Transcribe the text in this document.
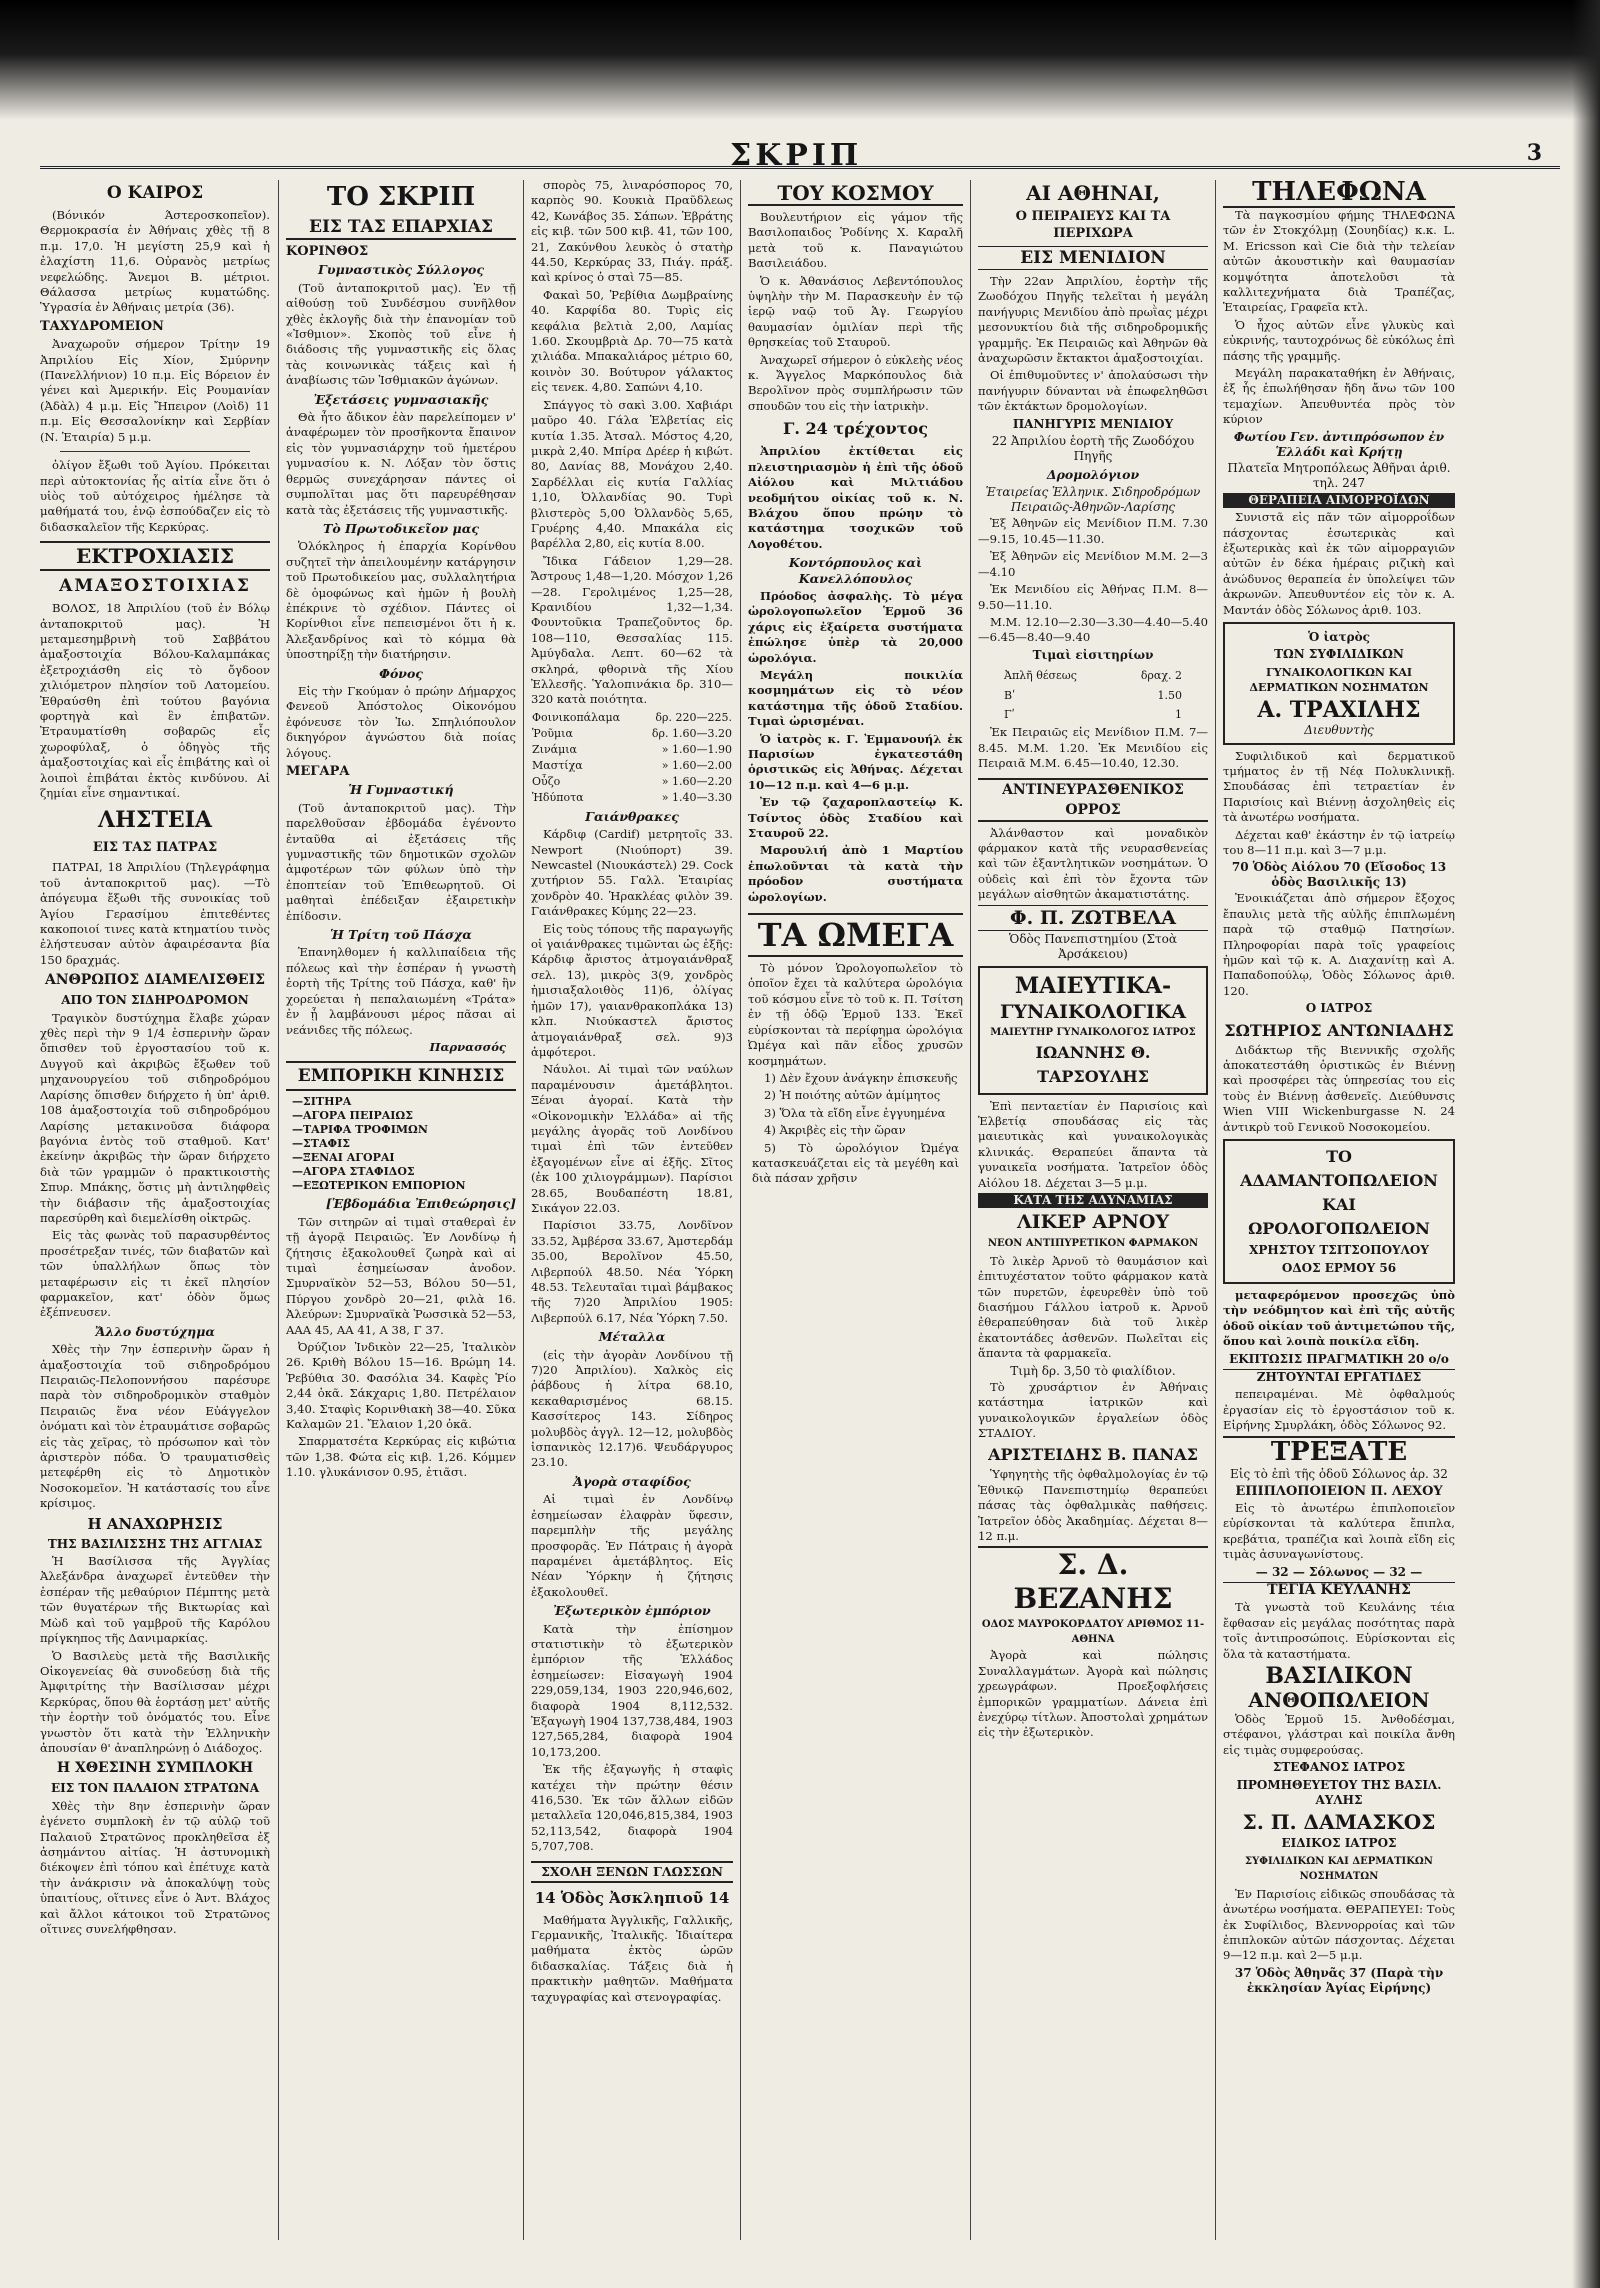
ΣΚΡΙΠ	3
Ο ΚΑΙΡΟΣ

(Βόνικόν Άστεροσκοπεῖον). Θερμοκρασία ἐν Ἀθήναις χθὲς τῇ 8 π.μ. 17,0. Ἡ μεγίστη 25,9 καὶ ἡ ἐλαχίστη 11,6. Οὐρανὸς μετρίως νεφελώδης. Ἄνεμοι Β. μέτριοι. Θάλασσα μετρίως κυματώδης. Ὑγρασία ἐν Ἀθήναις μετρία (36).

ΤΑΧΥΔΡΟΜΕΙΟΝ

Ἀναχωροῦν σήμερον Τρίτην 19 Ἀπριλίου Εἰς Χίον, Σμύρνην (Πανελλήνιον) 10 π.μ. Εἰς Βόρειον ἐν γένει καὶ Ἀμερικήν. Εἰς Ρουμανίαν (Ἀδὰλ) 4 μ.μ. Εἰς Ἤπειρον (Λοὶδ) 11 π.μ. Εἰς Θεσσαλονίκην καὶ Σερβίαν (Ν. Ἑταιρία) 5 μ.μ.

ὀλίγον ἔξωθι τοῦ Ἀγίου. Πρόκειται περὶ αὐτοκτονίας ἧς αἰτία εἶνε ὅτι ὁ υἱὸς τοῦ αὐτόχειρος ἠμέλησε τὰ μαθήματά του, ἐνῷ ἐσπούδαζεν εἰς τὸ διδασκαλεῖον τῆς Κερκύρας.

ΕΚΤΡΟΧΙΑΣΙΣ
ΑΜΑΞΟΣΤΟΙΧΙΑΣ

ΒΟΛΟΣ, 18 Ἀπριλίου (τοῦ ἐν Βόλῳ ἀνταποκριτοῦ μας). Ἡ μεταμεσημβρινὴ τοῦ Σαββάτου ἀμαξοστοιχία Βόλου-Καλαμπάκας ἐξετροχιάσθη εἰς τὸ ὄγδοον χιλιόμετρον πλησίον τοῦ Λατομείου. Ἐθραύσθη ἐπὶ τούτου βαγόνια φορτηγὰ καὶ ἓν ἐπιβατῶν. Ἐτραυματίσθη σοβαρῶς εἷς χωροφύλαξ, ὁ ὁδηγὸς τῆς ἀμαξοστοιχίας καὶ εἷς ἐπιβάτης καὶ οἱ λοιποὶ ἐπιβάται ἐκτὸς κινδύνου. Αἱ ζημίαι εἶνε σημαντικαί.

ΛΗΣΤΕΙΑ
ΕΙΣ ΤΑΣ ΠΑΤΡΑΣ

ΠΑΤΡΑΙ, 18 Ἀπριλίου (Τηλεγράφημα τοῦ ἀνταποκριτοῦ μας). —Τὸ ἀπόγευμα ἔξωθι τῆς συνοικίας τοῦ Ἁγίου Γερασίμου ἐπιτεθέντες κακοποιοί τινες κατὰ κτηματίου τινὸς ἐλήστευσαν αὐτὸν ἀφαιρέσαντα βία 150 δραχμάς.

ΑΝΘΡΩΠΟΣ ΔΙΑΜΕΛΙΣΘΕΙΣ
ΑΠΟ ΤΟΝ ΣΙΔΗΡΟΔΡΟΜΟΝ

Τραγικὸν δυστύχημα ἔλαβε χώραν χθὲς περὶ τὴν 9 1/4 ἑσπερινὴν ὥραν ὄπισθεν τοῦ ἐργοστασίου τοῦ κ. Δυγγοῦ καὶ ἀκριβῶς ἔξωθεν τοῦ μηχανουργείου τοῦ σιδηροδρόμου Λαρίσης ὅπισθεν διήρχετο ἡ ὑπ' ἀριθ. 108 ἁμαξοστοιχία τοῦ σιδηροδρόμου Λαρίσης μετακινοῦσα διάφορα βαγόνια ἐντὸς τοῦ σταθμοῦ. Κατ' ἐκείνην ἀκριβῶς τὴν ὥραν διήρχετο διὰ τῶν γραμμῶν ὁ πρακτικοιστὴς Σπυρ. Μπάκης, ὅστις μὴ ἀντιληφθεὶς τὴν διάβασιν τῆς ἁμαξοστοιχίας παρεσύρθη καὶ διεμελίσθη οἰκτρῶς.

Εἰς τὰς φωνὰς τοῦ παρασυρθέντος προσέτρεξαν τινές, τῶν διαβατῶν καὶ τῶν ὑπαλλήλων ὅπως τὸν μεταφέρωσιν εἰς τι ἐκεῖ πλησίον φαρμακεῖον, κατ' ὁδὸν ὅμως ἐξέπνευσεν.

Ἄλλο δυστύχημα

Χθὲς τὴν 7ην ἑσπερινὴν ὥραν ἡ ἁμαξοστοιχία τοῦ σιδηροδρόμου Πειραιῶς-Πελοποννήσου παρέσυρε παρὰ τὸν σιδηροδρομικὸν σταθμὸν Πειραιῶς ἕνα νέον Εὐάγγελον ὀνόματι καὶ τὸν ἐτραυμάτισε σοβαρῶς εἰς τὰς χεῖρας, τὸ πρόσωπον καὶ τὸν ἀριστερὸν πόδα. Ὁ τραυματισθεὶς μετεφέρθη εἰς τὸ Δημοτικὸν Νοσοκομεῖον. Ἡ κατάστασίς του εἶνε κρίσιμος.

Η ΑΝΑΧΩΡΗΣΙΣ
ΤΗΣ ΒΑΣΙΛΙΣΣΗΣ ΤΗΣ ΑΓΓΛΙΑΣ

Ἡ Βασίλισσα τῆς Ἀγγλίας Ἀλεξάνδρα ἀναχωρεῖ ἐντεῦθεν τὴν ἑσπέραν τῆς μεθαύριον Πέμπτης μετὰ τῶν θυγατέρων τῆς Βικτωρίας καὶ Μὼδ καὶ τοῦ γαμβροῦ τῆς Καρόλου πρίγκηπος τῆς Δανιμαρκίας.

Ὁ Βασιλεὺς μετὰ τῆς Βασιλικῆς Οἰκογενείας θὰ συνοδεύσῃ διὰ τῆς Ἀμφιτρίτης τὴν Βασίλισσαν μέχρι Κερκύρας, ὅπου θὰ ἑορτάσῃ μετ' αὐτῆς τὴν ἑορτὴν τοῦ ὀνόματός του. Εἶνε γνωστὸν ὅτι κατὰ τὴν Ἑλληνικὴν ἀπουσίαν θ' ἀναπληρώνῃ ὁ Διάδοχος.

Η ΧΘΕΣΙΝΗ ΣΥΜΠΛΟΚΗ
ΕΙΣ ΤΟΝ ΠΑΛΑΙΟΝ ΣΤΡΑΤΩΝΑ

Χθὲς τὴν 8ην ἑσπερινὴν ὥραν ἐγένετο συμπλοκὴ ἐν τῷ αὐλῷ τοῦ Παλαιοῦ Στρατῶνος προκληθεῖσα ἐξ ἀσημάντου αἰτίας. Ἡ ἀστυνομικὴ διέκοψεν ἐπὶ τόπου καὶ ἐπέτυχε κατὰ τὴν ἀνάκρισιν νὰ ἀποκαλύψῃ τοὺς ὑπαιτίους, οἵτινες εἶνε ὁ Ἀντ. Βλάχος καὶ ἄλλοι κάτοικοι τοῦ Στρατῶνος οἵτινες συνελήφθησαν.

ΤΟ ΣΚΡΙΠ
ΕΙΣ ΤΑΣ ΕΠΑΡΧΙΑΣ
ΚΟΡΙΝΘΟΣ
Γυμναστικὸς Σύλλογος

(Τοῦ ἀνταποκριτοῦ μας). Ἐν τῇ αἰθούσῃ τοῦ Συνδέσμου συνῆλθον χθὲς ἐκλογῆς διὰ τὴν ἐπανομίαν τοῦ «Ἰσθμιον». Σκοπὸς τοῦ εἶνε ἡ διάδοσις τῆς γυμναστικῆς εἰς ὅλας τὰς κοινωνικὰς τάξεις καὶ ἡ ἀναβίωσις τῶν Ἰσθμιακῶν ἀγώνων.

Ἐξετάσεις γυμνασιακῆς

Θὰ ἦτο ἄδικον ἐὰν παρελείπομεν ν' ἀναφέρωμεν τὸν προσῆκοντα ἔπαινον εἰς τὸν γυμνασιάρχην τοῦ ἡμετέρου γυμνασίου κ. Ν. Λόξαν τὸν ὅστις θερμῶς συνεχάρησαν πάντες οἱ συμπολῖται μας ὅτι παρευρέθησαν κατὰ τὰς ἐξετάσεις τῆς γυμναστικῆς.

Τὸ Πρωτοδικεῖον μας

Ὁλόκληρος ἡ ἐπαρχία Κορίνθου συζητεῖ τὴν ἀπειλουμένην κατάργησιν τοῦ Πρωτοδικείου μας, συλλαλητήρια δὲ ὁμοφώνως καὶ ἡμῶν ἡ βουλὴ ἐπέκρινε τὸ σχέδιον. Πάντες οἱ Κορίνθιοι εἶνε πεπεισμένοι ὅτι ἡ κ. Ἀλεξανδρίνος καὶ τὸ κόμμα θὰ ὑποστηρίξῃ τὴν διατήρησιν.

Φόνος

Εἰς τὴν Γκούμαν ὁ πρώην Δήμαρχος Φενεοῦ Ἀπόστολος Οἰκονόμου ἐφόνευσε τὸν Ἰω. Σπηλιόπουλον δικηγόρον ἀγνώστου διὰ ποίας λόγους.

ΜΕΓΑΡΑ
Ἡ Γυμναστική

(Τοῦ ἀνταποκριτοῦ μας). Τὴν παρελθοῦσαν ἑβδομάδα ἐγένοντο ἐνταῦθα αἱ ἐξετάσεις τῆς γυμναστικῆς τῶν δημοτικῶν σχολῶν ἀμφοτέρων τῶν φύλων ὑπὸ τὴν ἐποπτείαν τοῦ Ἐπιθεωρητοῦ. Οἱ μαθηταὶ ἐπέδειξαν ἐξαιρετικὴν ἐπίδοσιν.

Ἡ Τρίτη τοῦ Πάσχα

Ἐπανηλθομεν ἡ καλλιπαίδεια τῆς πόλεως καὶ τὴν ἑσπέραν ἡ γνωστὴ ἑορτὴ τῆς Τρίτης τοῦ Πάσχα, καθ' ἣν χορεύεται ἡ πεπαλαιωμένη «Τράτα» ἐν ᾗ λαμβάνουσι μέρος πᾶσαι αἱ νεάνιδες τῆς πόλεως.

Παρνασσός
ΕΜΠΟΡΙΚΗ ΚΙΝΗΣΙΣ
—ΣΙΤΗΡΑ
—ΑΓΟΡΑ ΠΕΙΡΑΙΩΣ
—ΤΑΡΙΦΑ ΤΡΟΦΙΜΩΝ
—ΣΤΑΦΙΣ
—ΞΕΝΑΙ ΑΓΟΡΑΙ
—ΑΓΟΡΑ ΣΤΑΦΙΔΟΣ
—ΕΞΩΤΕΡΙΚΟΝ ΕΜΠΟΡΙΟΝ
[Ἑβδομάδια Ἐπιθεώρησις]

Τῶν σιτηρῶν αἱ τιμαὶ σταθεραὶ ἐν τῇ ἀγορᾷ Πειραιῶς. Ἐν Λονδίνῳ ἡ ζήτησις ἐξακολουθεῖ ζωηρὰ καὶ αἱ τιμαὶ ἐσημείωσαν ἀνοδον. Σμυρναϊκὸν 52—53, Βόλου 50—51, Πύργου χονδρὸ 20—21, φιλὰ 16. Ἀλεύρων: Σμυρναϊκὰ Ῥωσσικὰ 52—53, ΑΑΑ 45, ΑΑ 41, Α 38, Γ 37.

Ὀρύζιον Ἰνδικὸν 22—25, Ἰταλικὸν 26. Κριθὴ Βόλου 15—16. Βρώμη 14. Ῥεβύθια 30. Φασόλια 34. Καφὲς Ῥίο 2,44 ὀκᾶ. Σάκχαρις 1,80. Πετρέλαιον 3,40. Σταφὶς Κορινθιακὴ 38—40. Σῦκα Καλαμῶν 21. Ἔλαιον 1,20 ὀκᾶ.

Σπαρματσέτα Κερκύρας εἰς κιβώτια τῶν 1,38. Φώτα εἰς κιβ. 1,26. Κόμμεν 1.10. γλυκάνισον 0.95, ἐτιᾶσι.

σπορὸς 75, λιναρόσπορος 70, καρπὸς 90. Κουκιὰ Πραῦδλεως 42, Κωνάβος 35. Σάπων. Ἐβράτης εἰς κιβ. τῶν 500 κιβ. 41, τῶν 100, 21, Ζακύνθου λευκὸς ὁ στατὴρ 44.50, Κερκύρας 33, Πιάγ. πράξ. καὶ κρίνος ὁ σταὶ 75—85.

Φακαὶ 50, Ῥεβίθια Δωμβραίνης 40. Καρφίδα 80. Τυρὶς εἰς κεφάλια βελτιὰ 2,00, Λαμίας 1.60. Σκουμβριὰ Δρ. 70—75 κατὰ χιλιάδα. Μπακαλιάρος μέτριο 60, κοινὸν 30. Βούτυρον γάλακτος εἰς τενεκ. 4,80. Σαπώνι 4,10.

Σπάγγος τὸ σακὶ 3.00. Χαβιάρι μαῦρο 40. Γάλα Ἑλβετίας εἰς κυτία 1.35. Ἀτσαλ. Μόστος 4,20, μικρὰ 2,40. Μπίρα Δρέερ ἡ κιβώτ. 80, Δανίας 88, Μονάχου 2,40. Σαρδέλλαι εἰς κυτία Γαλλίας 1,10, Ὀλλανδίας 90. Τυρὶ βλιστερὸς 5,00 Ὀλλανδὸς 5,65, Γρυέρης 4,40. Μπακάλα εἰς βαρέλλα 2,80, εἰς κυτία 8.00.

Ἴδικα Γάδειον 1,29—28. Ἄστρους 1,48—1,20. Μόσχον 1,26—28. Γερολιμένος 1,25—28, Κρανιδίου 1,32—1,34. Φουντοῦκια Τραπεζοῦντος δρ. 108—110, Θεσσαλίας 115. Ἀμύγδαλα. Λεπτ. 60—62 τὰ σκληρά, φθορινὰ τῆς Χίου Ἐλλεσῆς. Ὑαλοπινάκια δρ. 310—320 κατὰ ποιότητα.

Φοινικοπάλαμα	δρ. 220—225.
Ῥοῦμια	δρ. 1.60—3.20
Ζινάμια	» 1.60—1.90
Μαστίχα	» 1.60—2.00
Οὖζο	» 1.60—2.20
Ἡδύποτα	» 1.40—3.30
Γαιάνθρακες

Κάρδιφ (Cardif) μετρητοῖς 33. Newport (Νιούπορτ) 39. Newcastel (Νιουκάστελ) 29. Cock χυτήριον 55. Γαλλ. Ἑταιρίας χονδρὸν 40. Ἡρακλέας φιλὸν 39. Γαιάνθρακες Κύμης 22—23.

Εἰς τοὺς τόπους τῆς παραγωγῆς οἱ γαιάνθρακες τιμῶνται ὡς ἑξῆς: Κάρδιφ ἄριστος ἀτμογαιάνθραξ σελ. 13), μικρὸς 3(9, χονδρὸς ἡμισιαξαλοιθὸς 11)6, ὀλίγας ἡμῶν 17), γαιανθρακοπλάκα 13) κλπ. Νιούκαστελ ἄριστος ἀτμογαιάνθραξ σελ. 9)3 ἀμφότεροι.

Νάυλοι. Αἱ τιμαὶ τῶν ναύλων παραμένουσιν ἀμετάβλητοι. Ξέναι ἀγοραί. Κατὰ τὴν «Οἰκονομικὴν Ἑλλάδα» αἱ τῆς μεγάλης ἀγορᾶς τοῦ Λονδίνου τιμαὶ ἐπὶ τῶν ἐντεῦθεν ἐξαγομένων εἶνε αἱ ἑξῆς. Σῖτος (ἐκ 100 χιλιογράμμων). Παρίσιοι 28.65, Βουδαπέστη 18.81, Σικάγον 22.03.

Παρίσιοι 33.75, Λονδῖνον 33.52, Ἀμβέρσα 33.67, Ἀμστερδάμ 35.00, Βερολῖνον 45.50, Λιβερπούλ 48.50. Νέα Ὑόρκη 48.53. Τελευταῖαι τιμαὶ βάμβακος τῆς 7)20 Ἀπριλίου 1905: Λιβερπούλ 6.17, Νέα Ὑόρκη 7.50.

Μέταλλα

(εἰς τὴν ἀγορὰν Λονδίνου τῇ 7)20 Ἀπριλίου). Χαλκὸς εἰς ῥάβδους ἡ λίτρα 68.10, κεκαθαρισμένος 68.15. Κασσίτερος 143. Σίδηρος μολυβδὸς ἀγγλ. 12—12, μολυβδὸς ἰσπανικὸς 12.17)6. Ψευδάργυρος 23.10.

Ἀγορὰ σταφίδος

Αἱ τιμαὶ ἐν Λονδίνῳ ἐσημείωσαν ἐλαφρὰν ὕφεσιν, παρεμπλὴν τῆς μεγάλης προσφορᾶς. Ἐν Πάτραις ἡ ἀγορὰ παραμένει ἀμετάβλητος. Εἰς Νέαν Ὑόρκην ἡ ζήτησις ἐξακολουθεῖ.

Ἐξωτερικὸν ἐμπόριον

Κατὰ τὴν ἐπίσημον στατιστικὴν τὸ ἐξωτερικὸν ἐμπόριον τῆς Ἑλλάδος ἐσημείωσεν: Εἰσαγωγὴ 1904 229,059,134, 1903 220,946,602, διαφορὰ 1904 8,112,532. Ἐξαγωγὴ 1904 137,738,484, 1903 127,565,284, διαφορὰ 1904 10,173,200.

Ἐκ τῆς ἐξαγωγῆς ἡ σταφὶς κατέχει τὴν πρώτην θέσιν 416,530. Ἐκ τῶν ἄλλων εἰδῶν μεταλλεῖα 120,046,815,384, 1903 52,113,542, διαφορὰ 1904 5,707,708.

ΣΧΟΛΗ ΞΕΝΩΝ ΓΛΩΣΣΩΝ
14 Ὁδὸς Ἀσκληπιοῦ 14

Μαθήματα Ἀγγλικῆς, Γαλλικῆς, Γερμανικῆς, Ἰταλικῆς. Ἰδιαίτερα μαθήματα ἐκτὸς ὡρῶν διδασκαλίας. Τάξεις διὰ ἡ πρακτικὴν μαθητῶν. Μαθήματα ταχυγραφίας καὶ στενογραφίας.

ΤΟΥ ΚΟΣΜΟΥ

Βουλευτήριον εἰς γάμον τῆς Βασιλοπαιδος Ῥοδίνης Χ. Καραλῆ μετὰ τοῦ κ. Παναγιώτου Βασιλειάδου.

Ὁ κ. Ἀθανάσιος Λεβεντόπουλος ὑψηλὴν τὴν Μ. Παρασκευὴν ἐν τῷ ἱερῷ ναῷ τοῦ Ἁγ. Γεωργίου θαυμασίαν ὁμιλίαν περὶ τῆς θρησκείας τοῦ Σταυροῦ.

Ἀναχωρεῖ σήμερον ὁ εὐκλεὴς νέος κ. Ἄγγελος Μαρκόπουλος διὰ Βερολῖνον πρὸς συμπλήρωσιν τῶν σπουδῶν του εἰς τὴν ἰατρικὴν.

Γ. 24 τρέχοντος

Ἀπριλίου ἐκτίθεται εἰς πλειστηριασμὸν ἡ ἐπὶ τῆς ὁδοῦ Αἰόλου καὶ Μιλτιάδου νεοδμήτου οἰκίας τοῦ κ. Ν. Βλάχου ὅπου πρώην τὸ κατάστημα τσοχικῶν τοῦ Λογοθέτου.

Κοντόρπουλος καὶ Κανελλόπουλος

Πρόοδος ἀσφαλὴς. Τὸ μέγα ὡρολογοπωλεῖον Ἑρμοῦ 36 χάρις εἰς ἐξαίρετα συστήματα ἐπώλησε ὑπὲρ τὰ 20,000 ὡρολόγια.

Μεγάλη ποικιλία κοσμημάτων εἰς τὸ νέον κατάστημα τῆς ὁδοῦ Σταδίου. Τιμαὶ ὡρισμέναι.

Ὁ ἰατρὸς κ. Γ. Ἐμμανουήλ ἐκ Παρισίων ἐγκατεστάθη ὁριστικῶς εἰς Ἀθήνας. Δέχεται 10—12 π.μ. καὶ 4—6 μ.μ.

Ἐν τῷ ζαχαροπλαστείῳ Κ. Τσίντος ὁδὸς Σταδίου καὶ Σταυροῦ 22.

Μαρουλιή ἀπὸ 1 Μαρτίου ἐπωλοῦνται τὰ κατὰ τὴν πρόοδον συστήματα ὡρολογίων.

ΤΑ ΩΜΕΓΑ

Τὸ μόνον Ὡρολογοπωλεῖον τὸ ὁποῖον ἔχει τὰ καλύτερα ὡρολόγια τοῦ κόσμου εἶνε τὸ τοῦ κ. Π. Τσίτση ἐν τῇ ὁδῷ Ἑρμοῦ 133. Ἐκεῖ εὑρίσκονται τὰ περίφημα ὡρολόγια Ὠμέγα καὶ πᾶν εἶδος χρυσῶν κοσμημάτων.

1) Δὲν ἔχουν ἀνάγκην ἐπισκευῆς

2) Ἡ ποιότης αὐτῶν ἀμίμητος

3) Ὅλα τὰ εἴδη εἶνε ἐγγυημένα

4) Ἀκριβὲς εἰς τὴν ὥραν

5) Τὸ ὡρολόγιον Ὠμέγα κατασκευάζεται εἰς τὰ μεγέθη καὶ διὰ πάσαν χρῆσιν

ΑΙ ΑΘΗΝΑΙ,
Ο ΠΕΙΡΑΙΕΥΣ ΚΑΙ ΤΑ ΠΕΡΙΧΩΡΑ
ΕΙΣ ΜΕΝΙΔΙΟΝ

Τὴν 22αν Ἀπριλίου, ἑορτὴν τῆς Ζωοδόχου Πηγῆς τελεῖται ἡ μεγάλη πανήγυρις Μενιδίου ἀπὸ πρωῒας μέχρι μεσονυκτίου διὰ τῆς σιδηροδρομικῆς γραμμῆς. Ἐκ Πειραιῶς καὶ Ἀθηνῶν θὰ ἀναχωρῶσιν ἔκτακτοι ἁμαξοστοιχίαι.

Οἱ ἐπιθυμοῦντες ν' ἀπολαύσωσι τὴν πανήγυριν δύνανται νὰ ἐπωφεληθῶσι τῶν ἐκτάκτων δρομολογίων.

ΠΑΝΗΓΥΡΙΣ ΜΕΝΙΔΙΟΥ
22 Ἀπριλίου ἑορτὴ τῆς Ζωοδόχου Πηγῆς
Δρομολόγιον
Ἑταιρείας Ἑλληνικ. Σιδηροδρόμων Πειραιῶς-Ἀθηνῶν-Λαρίσης

Ἐξ Ἀθηνῶν εἰς Μενίδιον Π.Μ. 7.30—9.15, 10.45—11.30.

Ἐξ Ἀθηνῶν εἰς Μενίδιον Μ.Μ. 2—3—4.10

Ἐκ Μενιδίου εἰς Ἀθήνας Π.Μ. 8—9.50—11.10.

Μ.Μ. 12.10—2.30—3.30—4.40—5.40—6.45—8.40—9.40

Τιμαὶ εἰσιτηρίων
Ἀπλῆ θέσεως	δραχ. 2
Βʹ	1.50
Γʹ	1

Ἐκ Πειραιῶς εἰς Μενίδιον Π.Μ. 7—8.45. Μ.Μ. 1.20. Ἐκ Μενιδίου εἰς Πειραιᾶ Μ.Μ. 6.45—10.40, 12.30.

ΑΝΤΙΝΕΥΡΑΣΘΕΝΙΚΟΣ ΟΡΡΟΣ

Ἀλάνθαστον καὶ μοναδικὸν φάρμακον κατὰ τῆς νευρασθενείας καὶ τῶν ἐξαντλητικῶν νοσημάτων. Ὁ οὐδεὶς καὶ ἐπὶ τὸν ἔχοντα τῶν μεγάλων αἰσθητῶν ἀκαματιστάτης.

Φ. Π. ΖΩΤΒΕΛΑ
Ὁδὸς Πανεπιστημίου (Στοὰ Ἀρσάκειου)
ΜΑΙΕΥΤΙΚΑ-
ΓΥΝΑΙΚΟΛΟΓΙΚΑ
ΜΑΙΕΥΤΗΡ ΓΥΝΑΙΚΟΛΟΓΟΣ ΙΑΤΡΟΣ
ΙΩΑΝΝΗΣ Θ. ΤΑΡΣΟΥΛΗΣ

Ἐπὶ πενταετίαν ἐν Παρισίοις καὶ Ἑλβετίᾳ σπουδάσας εἰς τὰς μαιευτικὰς καὶ γυναικολογικὰς κλινικάς. Θεραπεύει ἅπαντα τὰ γυναικεῖα νοσήματα. Ἰατρεῖον ὁδὸς Αἰόλου 18. Δέχεται 3—5 μ.μ.

ΚΑΤΑ ΤΗΣ ΑΔΥΝΑΜΙΑΣ
ΛΙΚΕΡ ΑΡΝΟΥ
ΝΕΟΝ ΑΝΤΙΠΥΡΕΤΙΚΟΝ ΦΑΡΜΑΚΟΝ

Τὸ λικὲρ Ἀρνοῦ τὸ θαυμάσιον καὶ ἐπιτυχέστατον τοῦτο φάρμακον κατὰ τῶν πυρετῶν, ἐφευρεθὲν ὑπὸ τοῦ διασήμου Γάλλου ἰατροῦ κ. Ἀρνοῦ ἐθεραπεύθησαν διὰ τοῦ λικὲρ ἐκατοντάδες ἀσθενῶν. Πωλεῖται εἰς ἅπαντα τὰ φαρμακεῖα.

Τιμὴ δρ. 3,50 τὸ φιαλίδιον.

Τὸ χρυσάρτιον ἐν Ἀθήναις κατάστημα ἰατρικῶν καὶ γυναικολογικῶν ἐργαλείων ὁδὸς ΣΤΑΔΙΟΥ.

ΑΡΙΣΤΕΙΔΗΣ Β. ΠΑΝΑΣ

Ὑφηγητὴς τῆς ὀφθαλμολογίας ἐν τῷ Ἐθνικῷ Πανεπιστημίῳ θεραπεύει πάσας τὰς ὀφθαλμικὰς παθήσεις. Ἰατρεῖον ὁδὸς Ἀκαδημίας. Δέχεται 8—12 π.μ.

Σ. Δ. ΒΕΖΑΝΗΣ
ΟΔΟΣ ΜΑΥΡΟΚΟΡΔΑΤΟΥ ΑΡΙΘΜΟΣ 11-ΑΘΗΝΑ

Ἀγορὰ καὶ πώλησις Συναλλαγμάτων. Ἀγορὰ καὶ πώλησις χρεωγράφων. Προεξοφλήσεις ἐμπορικῶν γραμματίων. Δάνεια ἐπὶ ἐνεχύρῳ τίτλων. Ἀποστολαὶ χρημάτων εἰς τὴν ἐξωτερικὸν.

ΤΗΛΕΦΩΝΑ

Τὰ παγκοσμίου φήμης ΤΗΛΕΦΩΝΑ τῶν ἐν Στοκχόλμῃ (Σουηδίας) κ.κ. L. M. Ericsson καὶ Cie διὰ τὴν τελείαν αὐτῶν ἀκουστικὴν καὶ θαυμασίαν κομψότητα ἀποτελοῦσι τὰ καλλιτεχνήματα διὰ Τραπέζας, Ἑταιρείας, Γραφεῖα κτλ.

Ὁ ἦχος αὐτῶν εἶνε γλυκὺς καὶ εὐκρινής, ταυτοχρόνως δὲ εὐκόλως ἐπὶ πάσης τῆς γραμμῆς.

Μεγάλη παρακαταθήκη ἐν Ἀθήναις, ἐξ ἧς ἐπωλήθησαν ἤδη ἄνω τῶν 100 τεμαχίων. Ἀπευθυντέα πρὸς τὸν κύριον

Φωτίου Γεν. ἀντιπρόσωπον ἐν Ἑλλάδι καὶ Κρήτῃ
Πλατεῖα Μητροπόλεως Ἀθῆναι ἀριθ. τηλ. 247
ΘΕΡΑΠΕΙΑ ΑΙΜΟΡΡΟΪΔΩΝ

Συνιστᾶ εἰς πᾶν τῶν αἱμορροΐδων πάσχοντας ἐσωτερικὰς καὶ ἐξωτερικὰς καὶ ἐκ τῶν αἱμορραγιῶν αὐτῶν ἐν δέκα ἡμέραις ριζικὴ καὶ ἀνώδυνος θεραπεία ἐν ὑπολείψει τῶν ἀκρωνῶν. Ἀπευθυντέον εἰς τὸν κ. Α. Μαντάν ὁδὸς Σόλωνος ἀριθ. 103.

Ὁ ἰατρὸς
ΤΩΝ ΣΥΦΙΛΙΔΙΚΩΝ
ΓΥΝΑΙΚΟΛΟΓΙΚΩΝ ΚΑΙ ΔΕΡΜΑΤΙΚΩΝ ΝΟΣΗΜΑΤΩΝ
Α. ΤΡΑΧΙΛΗΣ
Διευθυντὴς

Συφιλιδικοῦ καὶ δερματικοῦ τμήματος ἐν τῇ Νέᾳ Πολυκλινικῇ. Σπουδάσας ἐπὶ τετραετίαν ἐν Παρισίοις καὶ Βιέννῃ ἀσχοληθεὶς εἰς τὰ ἀνωτέρω νοσήματα.

Δέχεται καθ' ἑκάστην ἐν τῷ ἰατρείῳ του 8—11 π.μ. καὶ 3—7 μ.μ.

70 Ὁδὸς Αἰόλου 70 (Εἴσοδος 13 ὁδὸς Βασιλικῆς 13)

Ἐνοικιάζεται ἀπὸ σήμερον ἔξοχος ἔπαυλις μετὰ τῆς αὐλῆς ἐπιπλωμένη παρὰ τῷ σταθμῷ Πατησίων. Πληροφορίαι παρὰ τοῖς γραφείοις ἡμῶν καὶ τῷ κ. Α. Διαχανίτῃ καὶ Α. Παπαδοπούλῳ, Ὁδὸς Σόλωνος ἀριθ. 120.

Ο ΙΑΤΡΟΣ
ΣΩΤΗΡΙΟΣ ΑΝΤΩΝΙΑΔΗΣ

Διδάκτωρ τῆς Βιεννικῆς σχολῆς ἀποκατεστάθη ὁριστικῶς ἐν Βιέννῃ καὶ προσφέρει τὰς ὑπηρεσίας του εἰς τοὺς ἐν Βιέννῃ ἀσθενεῖς. Διεύθυνσις Wien VIII Wickenburgasse N. 24 ἀντικρὺ τοῦ Γενικοῦ Νοσοκομείου.

ΤΟ ΑΔΑΜΑΝΤΟΠΩΛΕΙΟΝ
ΚΑΙ ΩΡΟΛΟΓΟΠΩΛΕΙΟΝ
ΧΡΗΣΤΟΥ ΤΣΙΤΣΟΠΟΥΛΟΥ
ΟΔΟΣ ΕΡΜΟΥ 56

μεταφερόμενον προσεχῶς ὑπὸ τὴν νεόδμητον καὶ ἐπὶ τῆς αὐτῆς ὁδοῦ οἰκίαν τοῦ ἀντιμετώπου τῆς, ὅπου καὶ λοιπὰ ποικίλα εἴδη.

ΕΚΠΤΩΣΙΣ ΠΡΑΓΜΑΤΙΚΗ 20 ο/ο
ΖΗΤΟΥΝΤΑΙ ΕΡΓΑΤΙΔΕΣ

πεπειραμέναι. Μὲ ὀφθαλμούς ἐργασίαν εἰς τὸ ἐργοστάσιον τοῦ κ. Εἰρήνης Σμυρλάκη, ὁδὸς Σόλωνος 92.

ΤΡΕΞΑΤΕ
Εἰς τὸ ἐπὶ τῆς ὁδοῦ Σόλωνος ἀρ. 32
ΕΠΙΠΛΟΠΟΙΕΙΟΝ Π. ΛΕΧΟΥ

Εἰς τὸ ἀνωτέρω ἐπιπλοποιεῖον εὑρίσκονται τὰ καλύτερα ἔπιπλα, κρεβάτια, τραπέζια καὶ λοιπὰ εἴδη εἰς τιμὰς ἀσυναγωνίστους.

— 32 — Σόλωνος — 32 —
ΤΕΓΙΑ ΚΕΥΛΑΝΗΣ

Τὰ γνωστὰ τοῦ Κευλάνης τέια ἔφθασαν εἰς μεγάλας ποσότητας παρὰ τοῖς ἀντιπροσώποις. Εὑρίσκονται εἰς ὅλα τὰ καταστήματα.

ΒΑΣΙΛΙΚΟΝ
ΑΝΘΟΠΩΛΕΙΟΝ

Ὁδὸς Ἑρμοῦ 15. Ἀνθοδέσμαι, στέφανοι, γλάστραι καὶ ποικίλα ἄνθη εἰς τιμὰς συμφερούσας.

ΣΤΕΦΑΝΟΣ ΙΑΤΡΟΣ
ΠΡΟΜΗΘΕΥΕΤΟΥ ΤΗΣ ΒΑΣΙΛ. ΑΥΛΗΣ
Σ. Π. ΔΑΜΑΣΚΟΣ
ΕΙΔΙΚΟΣ ΙΑΤΡΟΣ
ΣΥΦΙΛΙΔΙΚΩΝ ΚΑΙ ΔΕΡΜΑΤΙΚΩΝ ΝΟΣΗΜΑΤΩΝ

Ἐν Παρισίοις εἰδικῶς σπουδάσας τὰ ἀνωτέρω νοσήματα. ΘΕΡΑΠΕΥΕΙ: Τοὺς ἐκ Συφίλιδος, Βλεννορροίας καὶ τῶν ἐπιπλοκῶν αὐτῶν πάσχοντας. Δέχεται 9—12 π.μ. καὶ 2—5 μ.μ.

37 Ὁδὸς Ἀθηνᾶς 37 (Παρὰ τὴν ἐκκλησίαν Ἁγίας Εἰρήνης)
